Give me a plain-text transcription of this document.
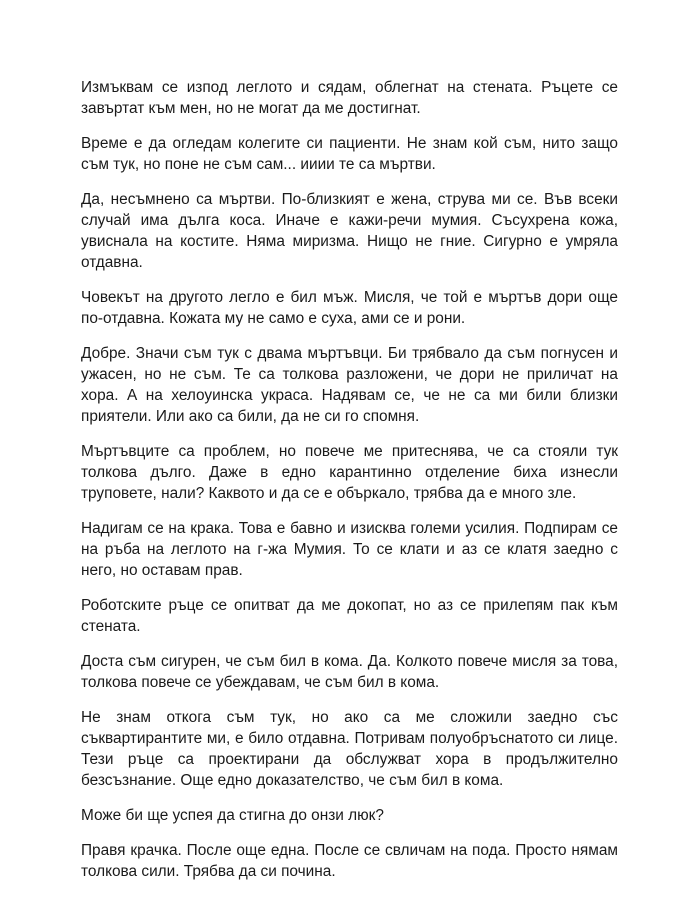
Измъквам се изпод леглото и сядам, облегнат на стената. Ръцете се завъртат към мен, но не могат да ме достигнат.

Време е да огледам колегите си пациенти. Не знам кой съм, нито защо съм тук, но поне не съм сам... ииии те са мъртви.

Да, несъмнено са мъртви. По-близкият е жена, струва ми се. Във всеки случай има дълга коса. Иначе е кажи-речи мумия. Съсухрена кожа, увиснала на костите. Няма миризма. Нищо не гние. Сигурно е умряла отдавна.

Човекът на другото легло е бил мъж. Мисля, че той е мъртъв дори още по-отдавна. Кожата му не само е суха, ами се и рони.

Добре. Значи съм тук с двама мъртъвци. Би трябвало да съм погнусен и ужасен, но не съм. Те са толкова разложени, че дори не приличат на хора. А на хелоуинска украса. Надявам се, че не са ми били близки приятели. Или ако са били, да не си го спомня.

Мъртъвците са проблем, но повече ме притеснява, че са стояли тук толкова дълго. Даже в едно карантинно отделение биха изнесли труповете, нали? Каквото и да се е объркало, трябва да е много зле.

Надигам се на крака. Това е бавно и изисква големи усилия. Подпирам се на ръба на леглото на г-жа Мумия. То се клати и аз се клатя заедно с него, но оставам прав.

Роботските ръце се опитват да ме докопат, но аз се прилепям пак към стената.

Доста съм сигурен, че съм бил в кома. Да. Колкото повече мисля за това, толкова повече се убеждавам, че съм бил в кома.

Не знам откога съм тук, но ако са ме сложили заедно със съквартирантите ми, е било отдавна. Потривам полуобръснатото си лице. Тези ръце са проектирани да обслужват хора в продължително безсъзнание. Още едно доказателство, че съм бил в кома.

Може би ще успея да стигна до онзи люк?

Правя крачка. После още една. После се свличам на пода. Просто нямам толкова сили. Трябва да си почина.
